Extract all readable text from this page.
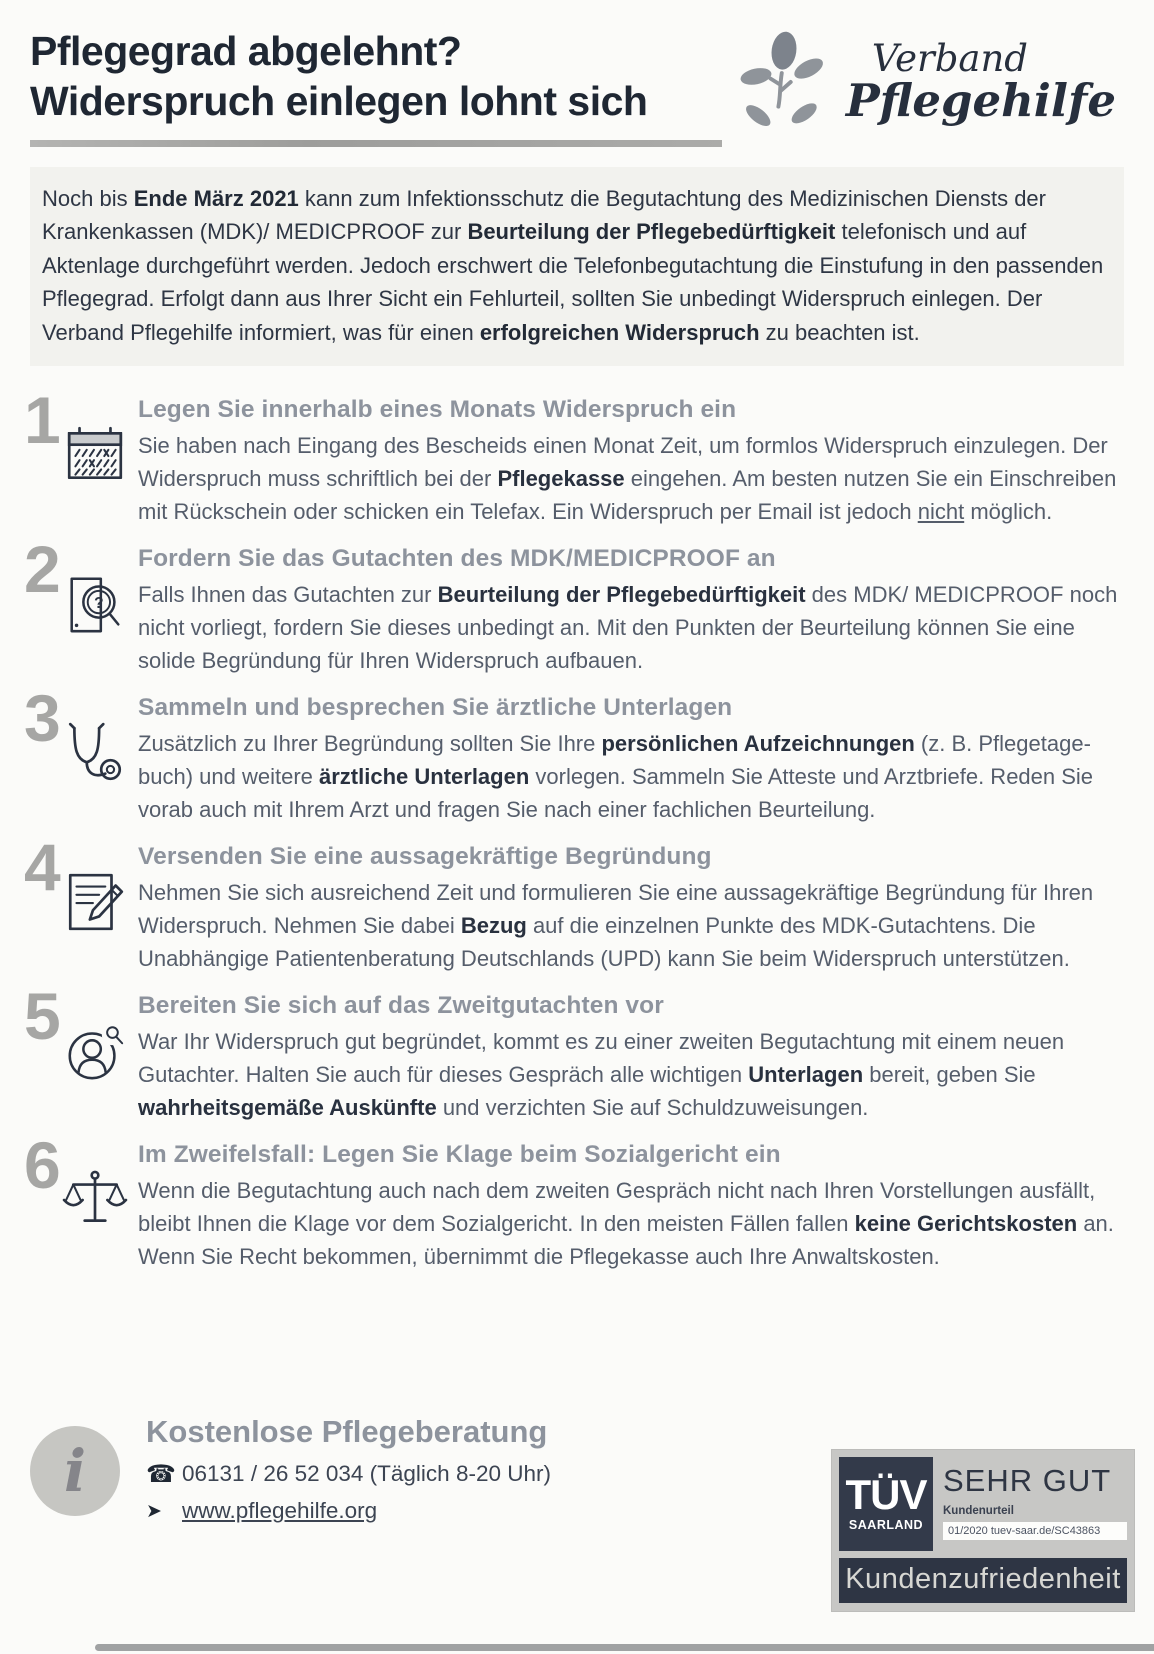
Pflegegrad abgelehnt?
Widerspruch einlegen lohnt sich
Verband
Pflegehilfe
Noch bis Ende März 2021 kann zum Infektionsschutz die Begutachtung des Medizinischen Diensts der Krankenkassen (MDK)/ MEDICPROOF zur Beurteilung der Pflegebedürftigkeit telefonisch und auf Aktenlage durchgeführt werden. Jedoch erschwert die Telefonbegutachtung die Einstufung in den passenden Pflegegrad. Erfolgt dann aus Ihrer Sicht ein Fehlurteil, sollten Sie unbedingt Widerspruch einlegen. Der Verband Pflegehilfe informiert, was für einen erfolgreichen Widerspruch zu beachten ist.
1	Legen Sie innerhalb eines Monats Widerspruch ein
Sie haben nach Eingang des Bescheids einen Monat Zeit, um formlos Widerspruch einzulegen. Der Widerspruch muss schriftlich bei der Pflegekasse eingehen. Am besten nutzen Sie ein Einschreiben mit Rückschein oder schicken ein Telefax. Ein Widerspruch per Email ist jedoch nicht möglich.
2 ?
Fordern Sie das Gutachten des MDK/MEDICPROOF an
Falls Ihnen das Gutachten zur Beurteilung der Pflegebedürftigkeit des MDK/ MEDICPROOF noch nicht vorliegt, fordern Sie dieses unbedingt an. Mit den Punkten der Beurteilung können Sie eine solide Begründung für Ihren Widerspruch aufbauen.
3	Sammeln und besprechen Sie ärztliche Unterlagen
Zusätzlich zu Ihrer Begründung sollten Sie Ihre persönlichen Aufzeichnungen (z. B. Pflegetagebuch) und weitere ärztliche Unterlagen vorlegen. Sammeln Sie Atteste und Arztbriefe. Reden Sie vorab auch mit Ihrem Arzt und fragen Sie nach einer fachlichen Beurteilung.
4	Versenden Sie eine aussagekräftige Begründung
Nehmen Sie sich ausreichend Zeit und formulieren Sie eine aussagekräftige Begründung für Ihren Widerspruch. Nehmen Sie dabei Bezug auf die einzelnen Punkte des MDK-Gutachtens. Die Unabhängige Patientenberatung Deutschlands (UPD) kann Sie beim Widerspruch unterstützen.
5	Bereiten Sie sich auf das Zweitgutachten vor
War Ihr Widerspruch gut begründet, kommt es zu einer zweiten Begutachtung mit einem neuen Gutachter. Halten Sie auch für dieses Gespräch alle wichtigen Unterlagen bereit, geben Sie wahrheitsgemäße Auskünfte und verzichten Sie auf Schuldzuweisungen.
6	Im Zweifelsfall: Legen Sie Klage beim Sozialgericht ein
Wenn die Begutachtung auch nach dem zweiten Gespräch nicht nach Ihren Vorstellungen ausfällt, bleibt Ihnen die Klage vor dem Sozialgericht. In den meisten Fällen fallen keine Gerichtskosten an. Wenn Sie Recht bekommen, übernimmt die Pflegekasse auch Ihre Anwaltskosten.
i
Kostenlose Pflegeberatung
☎ 06131 / 26 52 034 (Täglich 8-20 Uhr)
➤ www.pflegehilfe.org	TÜV
SAARLAND
SEHR GUT
Kundenurteil
01/2020 tuev-saar.de/SC43863
Kundenzufriedenheit
